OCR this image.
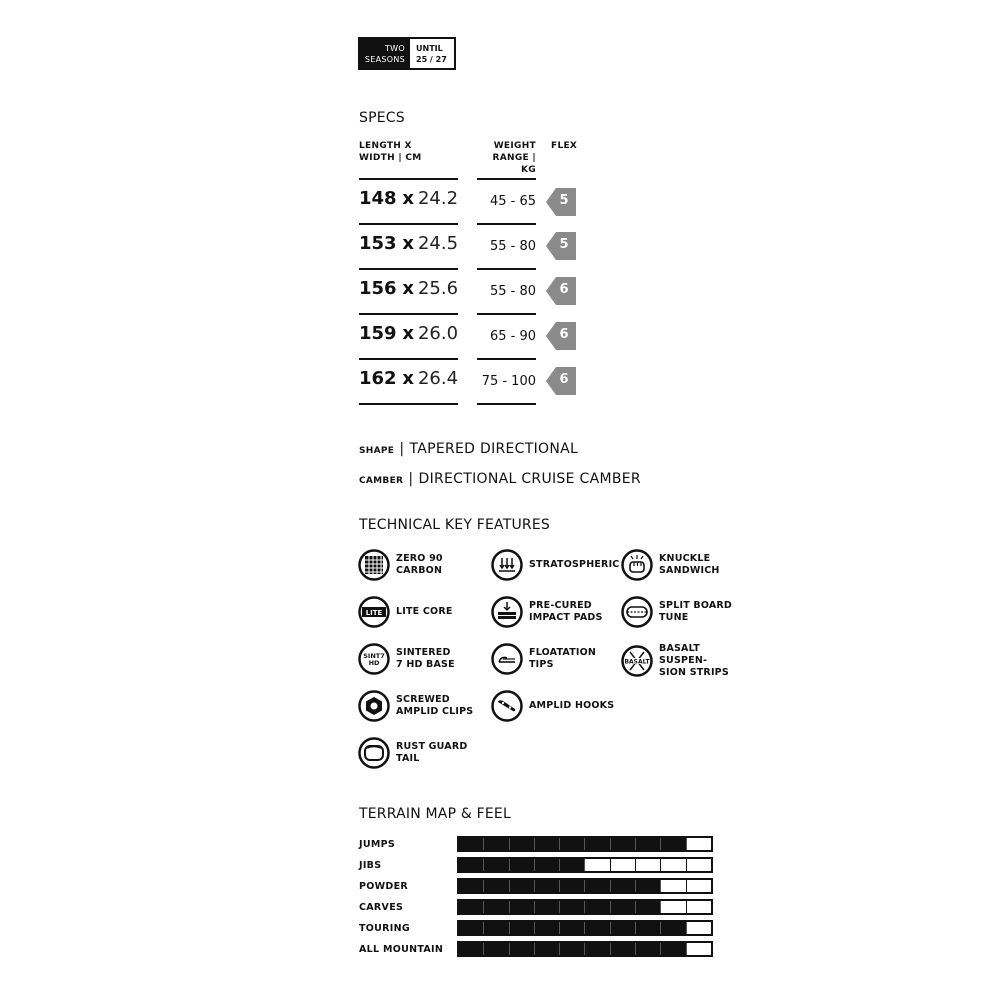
TWO
SEASONS
UNTIL
25 / 27
SPECS
LENGTH X
WIDTH | CM
WEIGHT
RANGE | KG
FLEX
148 x 24.2	45 - 65 5
153 x 24.5	55 - 80 5
156 x 25.6	55 - 80 6
159 x 26.0	65 - 90 6
162 x 26.4	75 - 100 6
SHAPE | TAPERED DIRECTIONAL
CAMBER | DIRECTIONAL CRUISE CAMBER
TECHNICAL KEY FEATURES
ZERO 90
CARBON
LITE LITE CORE
SINT7
HD
SINTERED
7 HD BASE
SCREWED
AMPLID CLIPS
RUST GUARD
TAIL
STRATOSPHERIC
PRE-CURED
IMPACT PADS
FLOATATION
TIPS
AMPLID HOOKS
KNUCKLE
SANDWICH
SPLIT BOARD
TUNE
BASALT
BASALT SUSPEN-
SION STRIPS
TERRAIN MAP & FEEL
JUMPS
JIBS
POWDER
CARVES
TOURING
ALL MOUNTAIN
